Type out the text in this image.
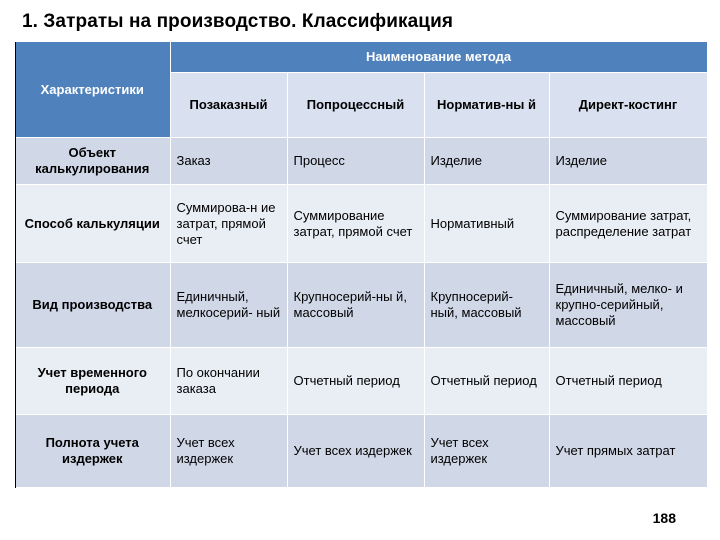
1. Затраты на производство. Классификация
Характеристики	Наименование метода			
	Позаказный	Попроцессный	Норматив-ны й	Директ-костинг
Объект калькулирования	Заказ	Процесс	Изделие	Изделие
Способ калькуляции	Суммирова-н ие затрат, прямой счет	Суммирование затрат, прямой счет	Нормативный	Суммирование затрат, распределение затрат
Вид производства	Единичный, мелкосерий- ный	Крупносерий-ны й, массовый	Крупносерий- ный, массовый	Единичный, мелко- и крупно-серийный, массовый
Учет временного периода	По окончании заказа	Отчетный период	Отчетный период	Отчетный период
Полнота учета издержек	Учет всех издержек	Учет всех издержек	Учет всех издержек	Учет прямых затрат
188
